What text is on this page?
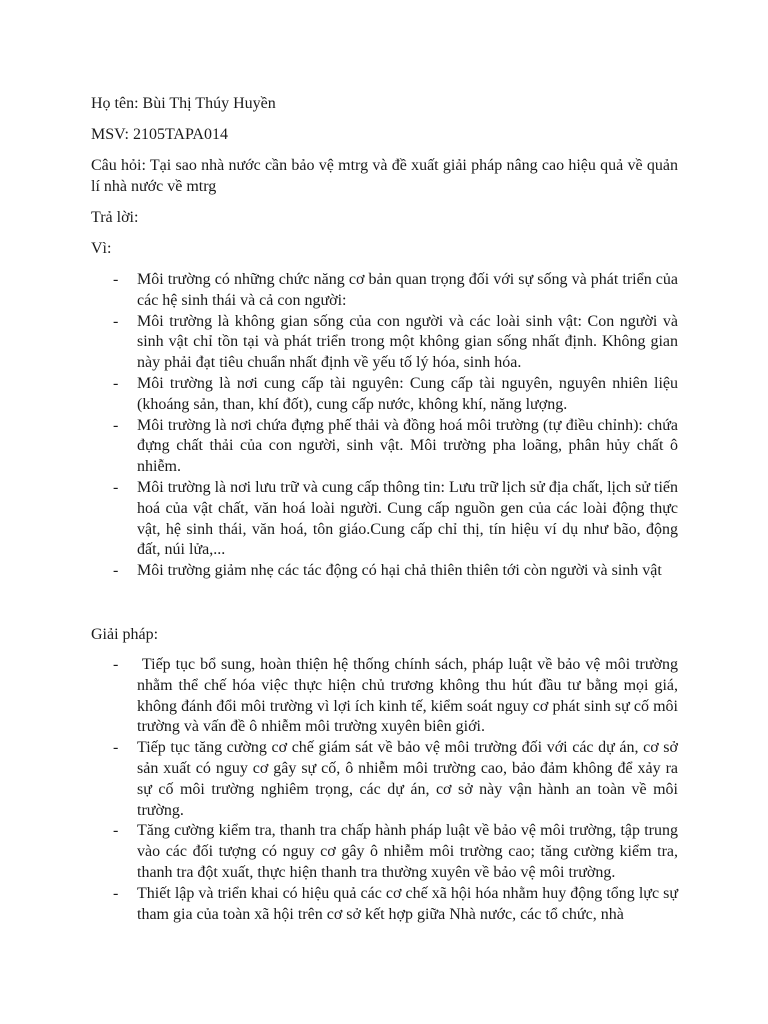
Họ tên: Bùi Thị Thúy Huyền

MSV: 2105TAPA014

Câu hỏi: Tại sao nhà nước cần bảo vệ mtrg và đề xuất giải pháp nâng cao hiệu quả về quản lí nhà nước về mtrg

Trả lời:

Vì:

- Môi trường có những chức năng cơ bản quan trọng đối với sự sống và phát triển của các hệ sinh thái và cả con người:
- Môi trường là không gian sống của con người và các loài sinh vật: Con người và sinh vật chỉ tồn tại và phát triển trong một không gian sống nhất định. Không gian này phải đạt tiêu chuẩn nhất định về yếu tố lý hóa, sinh hóa.
- Môi trường là nơi cung cấp tài nguyên: Cung cấp tài nguyên, nguyên nhiên liệu (khoáng sản, than, khí đốt), cung cấp nước, không khí, năng lượng.
- Môi trường là nơi chứa đựng phế thải và đồng hoá môi trường (tự điều chỉnh): chứa đựng chất thải của con người, sinh vật. Môi trường pha loãng, phân hủy chất ô nhiễm.
- Môi trường là nơi lưu trữ và cung cấp thông tin: Lưu trữ lịch sử địa chất, lịch sử tiến hoá của vật chất, văn hoá loài người. Cung cấp nguồn gen của các loài động thực vật, hệ sinh thái, văn hoá, tôn giáo.Cung cấp chỉ thị, tín hiệu ví dụ như bão, động đất, núi lửa,...
- Môi trường giảm nhẹ các tác động có hại chả thiên thiên tới còn người và sinh vật

Giải pháp:

-  Tiếp tục bổ sung, hoàn thiện hệ thống chính sách, pháp luật về bảo vệ môi trường nhằm thể chế hóa việc thực hiện chủ trương không thu hút đầu tư bằng mọi giá, không đánh đổi môi trường vì lợi ích kinh tế, kiểm soát nguy cơ phát sinh sự cố môi trường và vấn đề ô nhiễm môi trường xuyên biên giới.
- Tiếp tục tăng cường cơ chế giám sát về bảo vệ môi trường đối với các dự án, cơ sở sản xuất có nguy cơ gây sự cố, ô nhiễm môi trường cao, bảo đảm không để xảy ra sự cố môi trường nghiêm trọng, các dự án, cơ sở này vận hành an toàn về môi trường.
- Tăng cường kiểm tra, thanh tra chấp hành pháp luật về bảo vệ môi trường, tập trung vào các đối tượng có nguy cơ gây ô nhiễm môi trường cao; tăng cường kiểm tra, thanh tra đột xuất, thực hiện thanh tra thường xuyên về bảo vệ môi trường.
- Thiết lập và triển khai có hiệu quả các cơ chế xã hội hóa nhằm huy động tổng lực sự tham gia của toàn xã hội trên cơ sở kết hợp giữa Nhà nước, các tổ chức, nhà
